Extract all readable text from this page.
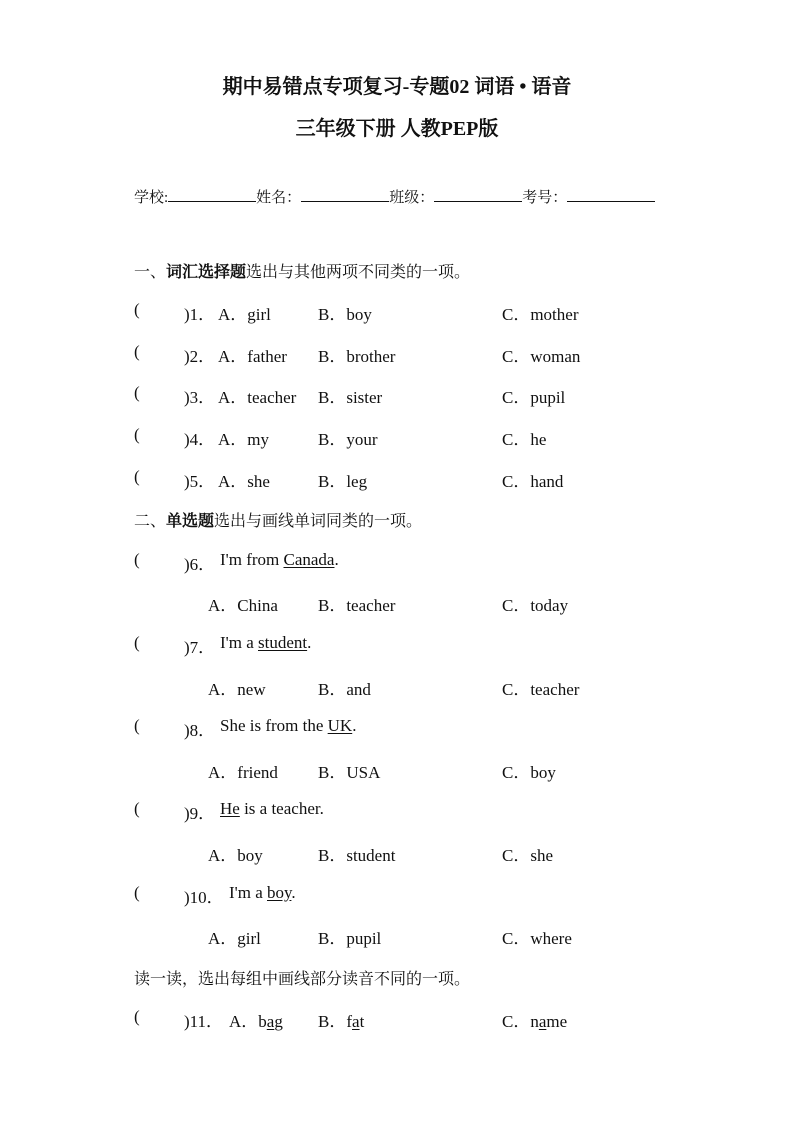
期中易错点专项复习-专题02 词语 • 语音
三年级下册 人教PEP版
学校:	姓名：	班级：	考号：
一、词汇选择题选出与其他两项不同类的一项。
(	)1． A．girl	B．boy	C．mother
(	)2． A．father B．brother	C．woman
(	)3． A．teacher B．sister	C．pupil
(	)4． A．my	B．your	C．he
(	)5． A．she	B．leg	C．hand
二、单选题选出与画线单词同类的一项。
(	)6． I'm from Canada.
A．China B．teacher	C．today
(	)7． I'm a student.
A．new	B．and	C．teacher
(	)8． She is from the UK.
A．friend B．USA	C．boy
(	)9． He is a teacher.
A．boy	B．student	C．she
(	)10． I'm a boy.
A．girl	B．pupil	C．where
读一读，选出每组中画线部分读音不同的一项。
(	)11． A．bag B．fat	C．name
